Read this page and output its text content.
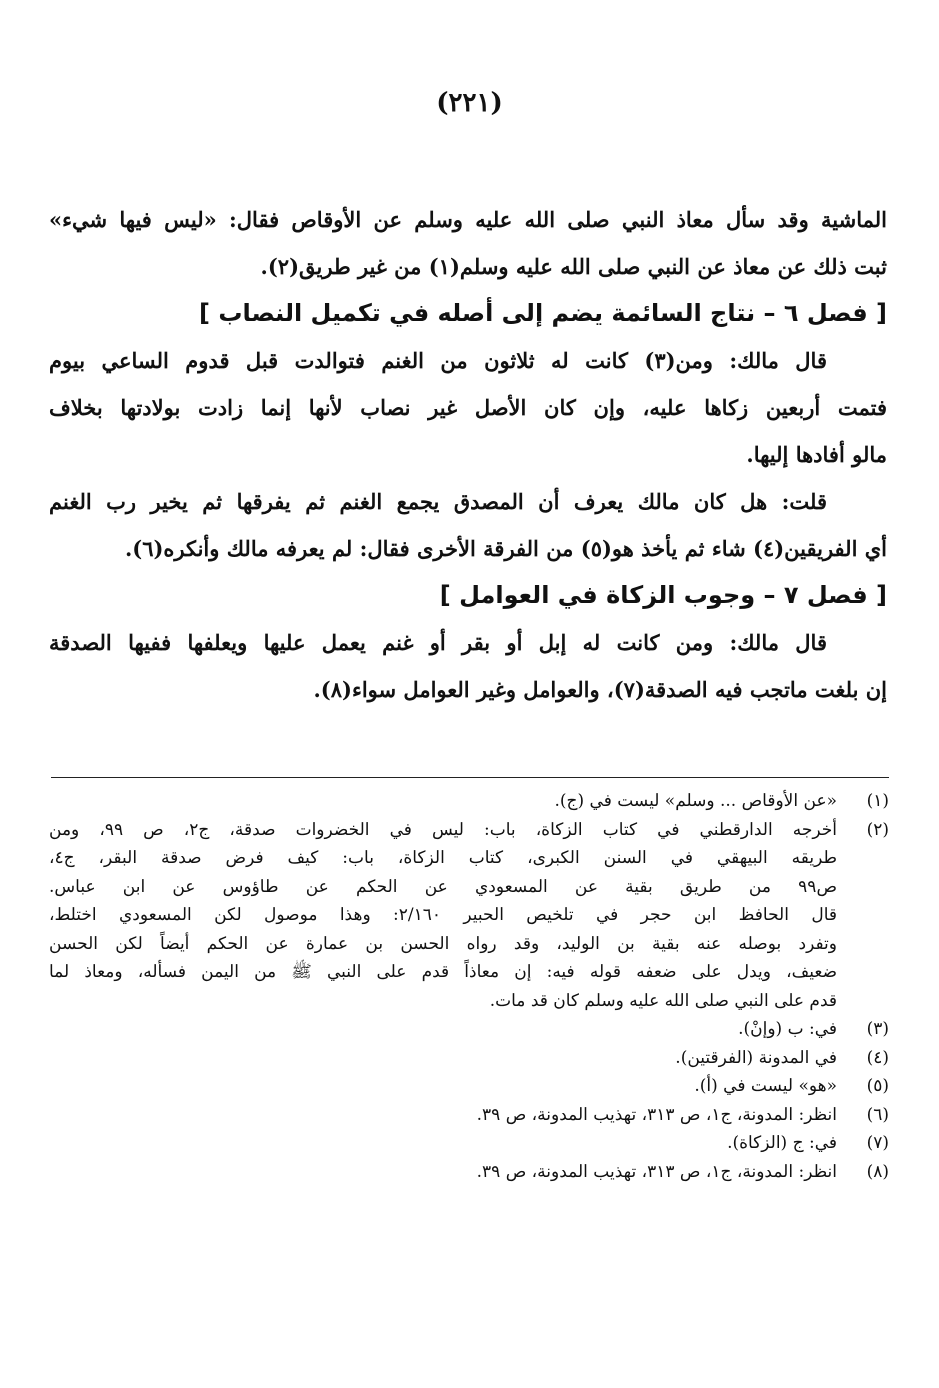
(٢٢١)
الماشية وقد سأل معاذ النبي صلى الله عليه وسلم عن الأوقاص فقال: «ليس فيها شيء»
ثبت ذلك عن معاذ عن النبي صلى الله عليه وسلم(١) من غير طريق(٢).
[ فصل ٦ – نتاج السائمة يضم إلى أصله في تكميل النصاب ]
قال مالك: ومن(٣) كانت له ثلاثون من الغنم فتوالدت قبل قدوم الساعي بيوم
فتمت أربعين زكاها عليه، وإن كان الأصل غير نصاب لأنها إنما زادت بولادتها بخلاف
مالو أفادها إليها.
قلت: هل كان مالك يعرف أن المصدق يجمع الغنم ثم يفرقها ثم يخير رب الغنم
أي الفريقين(٤) شاء ثم يأخذ هو(٥) من الفرقة الأخرى فقال: لم يعرفه مالك وأنكره(٦).
[ فصل ٧ – وجوب الزكاة في العوامل ]
قال مالك: ومن كانت له إبل أو بقر أو غنم يعمل عليها ويعلفها ففيها الصدقة
إن بلغت ماتجب فيه الصدقة(٧)، والعوامل وغير العوامل سواء(٨).
(١)
«عن الأوقاص ... وسلم» ليست في (ج).
(٢)
أخرجه الدارقطني في كتاب الزكاة، باب: ليس في الخضروات صدقة، ج٢، ص ٩٩، ومن
طريقه البيهقي في السنن الكبرى، كتاب الزكاة، باب: كيف فرض صدقة البقر، ج٤،
ص٩٩ من طريق بقية عن المسعودي عن الحكم عن طاؤوس عن ابن عباس.
قال الحافظ ابن حجر في تلخيص الحبير ٢/١٦٠: وهذا موصول لكن المسعودي اختلط،
وتفرد بوصله عنه بقية بن الوليد، وقد رواه الحسن بن عمارة عن الحكم أيضاً لكن الحسن
ضعيف، ويدل على ضعفه قوله فيه: إن معاذاً قدم على النبي ﷺ من اليمن فسأله، ومعاذ لما
قدم على النبي صلى الله عليه وسلم كان قد مات.
(٣)
في: ب (وإنْ).
(٤)
في المدونة (الفرقتين).
(٥)
«هو» ليست في (أ).
(٦)
انظر: المدونة، ج١، ص ٣١٣، تهذيب المدونة، ص ٣٩.
(٧)
في: ج (الزكاة).
(٨)
انظر: المدونة، ج١، ص ٣١٣، تهذيب المدونة، ص ٣٩.
